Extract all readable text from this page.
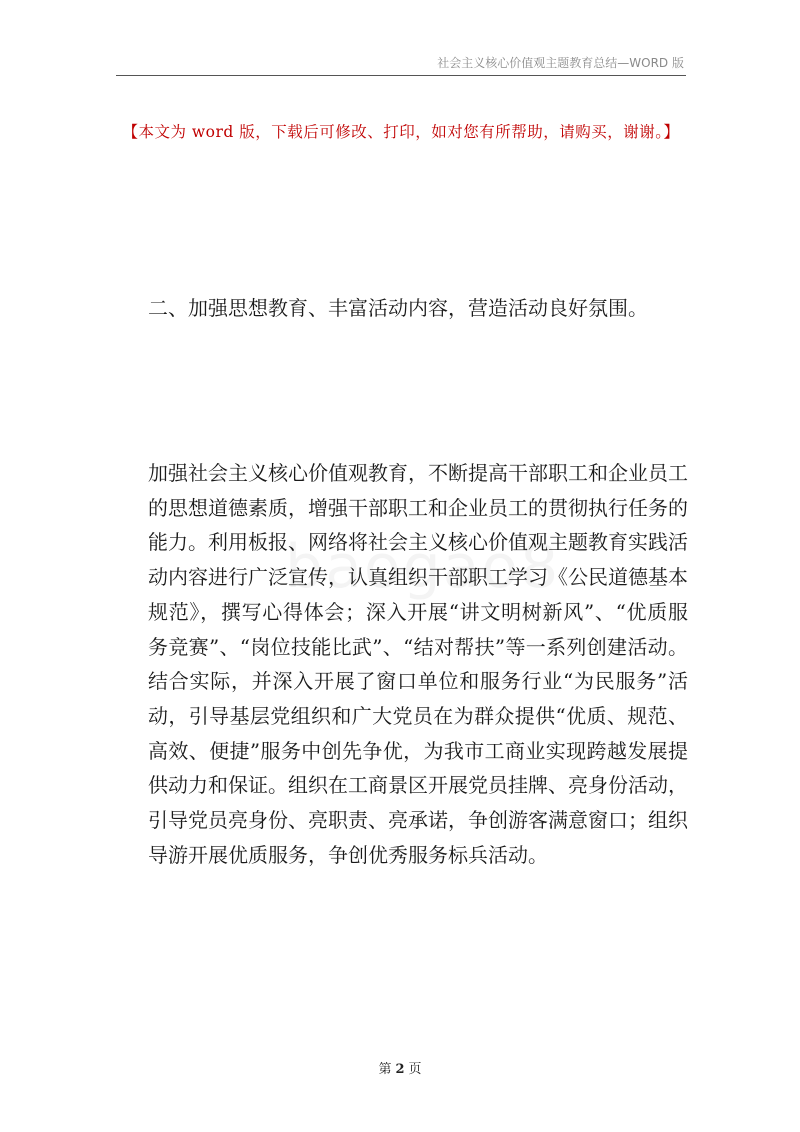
社会主义核心价值观主题教育总结—WORD 版
【本文为 word 版，下载后可修改、打印，如对您有所帮助，请购买，谢谢。】
二、加强思想教育、丰富活动内容，营造活动良好氛围。

加强社会主义核心价值观教育，不断提高干部职工和企业员工的思想道德素质，增强干部职工和企业员工的贯彻执行任务的能力。利用板报、网络将社会主义核心价值观主题教育实践活动内容进行广泛宣传，认真组织干部职工学习《公民道德基本规范》，撰写心得体会；深入开展“讲文明树新风”、“优质服务竞赛”、“岗位技能比武”、“结对帮扶”等一系列创建活动。结合实际，并深入开展了窗口单位和服务行业“为民服务”活动，引导基层党组织和广大党员在为群众提供“优质、规范、高效、便捷”服务中创先争优，为我市工商业实现跨越发展提供动力和保证。组织在工商景区开展党员挂牌、亮身份活动，引导党员亮身份、亮职责、亮承诺，争创游客满意窗口；组织导游开展优质服务，争创优秀服务标兵活动。

第 2 页
